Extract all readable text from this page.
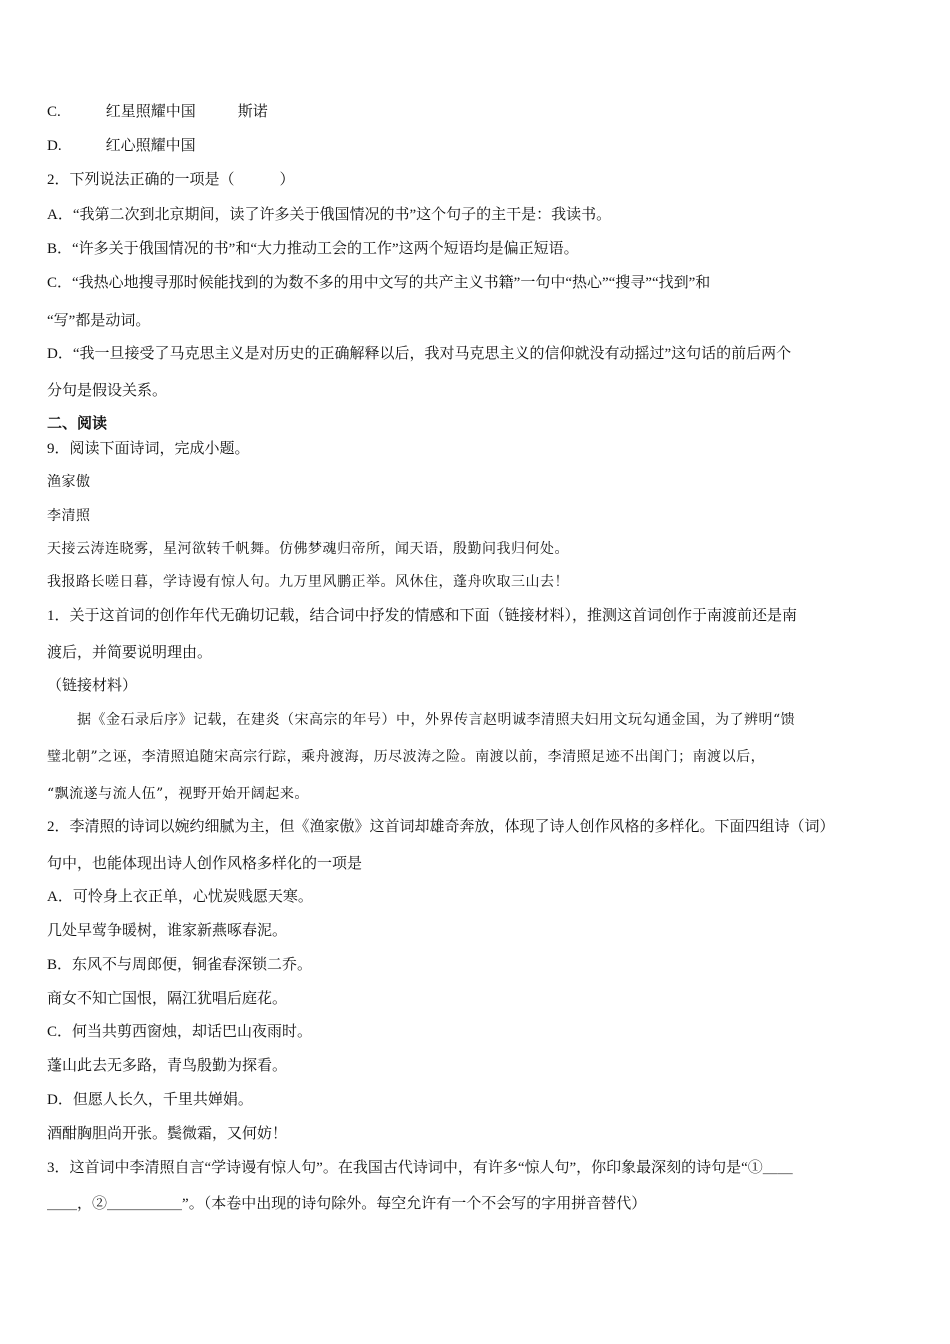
C.	红星照耀中国	斯诺
D.	红心照耀中国
2．下列说法正确的一项是（　　　）
A．“我第二次到北京期间，读了许多关于俄国情况的书”这个句子的主干是：我读书。
B．“许多关于俄国情况的书”和“大力推动工会的工作”这两个短语均是偏正短语。
C．“我热心地搜寻那时候能找到的为数不多的用中文写的共产主义书籍”一句中“热心”“搜寻”“找到”和
“写”都是动词。
D．“我一旦接受了马克思主义是对历史的正确解释以后，我对马克思主义的信仰就没有动摇过”这句话的前后两个
分句是假设关系。
二、阅读
9．阅读下面诗词，完成小题。
渔家傲
李清照
天接云涛连晓雾，星河欲转千帆舞。仿佛梦魂归帝所，闻天语，殷勤问我归何处。
我报路长嗟日暮，学诗谩有惊人句。九万里风鹏正举。风休住，蓬舟吹取三山去！
1．关于这首词的创作年代无确切记载，结合词中抒发的情感和下面（链接材料），推测这首词创作于南渡前还是南
渡后，并简要说明理由。
（链接材料）
据《金石录后序》记载，在建炎（宋高宗的年号）中，外界传言赵明诚李清照夫妇用文玩勾通金国，为了辨明“馈
璧北朝”之诬，李清照追随宋高宗行踪，乘舟渡海，历尽波涛之险。南渡以前，李清照足迹不出闺门；南渡以后，
“飘流遂与流人伍”，视野开始开阔起来。
2．李清照的诗词以婉约细腻为主，但《渔家傲》这首词却雄奇奔放，体现了诗人创作风格的多样化。下面四组诗（词）
句中，也能体现出诗人创作风格多样化的一项是
A．可怜身上衣正单，心忧炭贱愿天寒。
几处早莺争暖树，谁家新燕啄春泥。
B．东风不与周郎便，铜雀春深锁二乔。
商女不知亡国恨，隔江犹唱后庭花。
C．何当共剪西窗烛，却话巴山夜雨时。
蓬山此去无多路，青鸟殷勤为探看。
D．但愿人长久，千里共婵娟。
酒酣胸胆尚开张。鬓微霜，又何妨！
3．这首词中李清照自言“学诗谩有惊人句”。在我国古代诗词中，有许多“惊人句”，你印象最深刻的诗句是“①＿＿
＿＿，②＿＿＿＿＿”。（本卷中出现的诗句除外。每空允许有一个不会写的字用拼音替代）
